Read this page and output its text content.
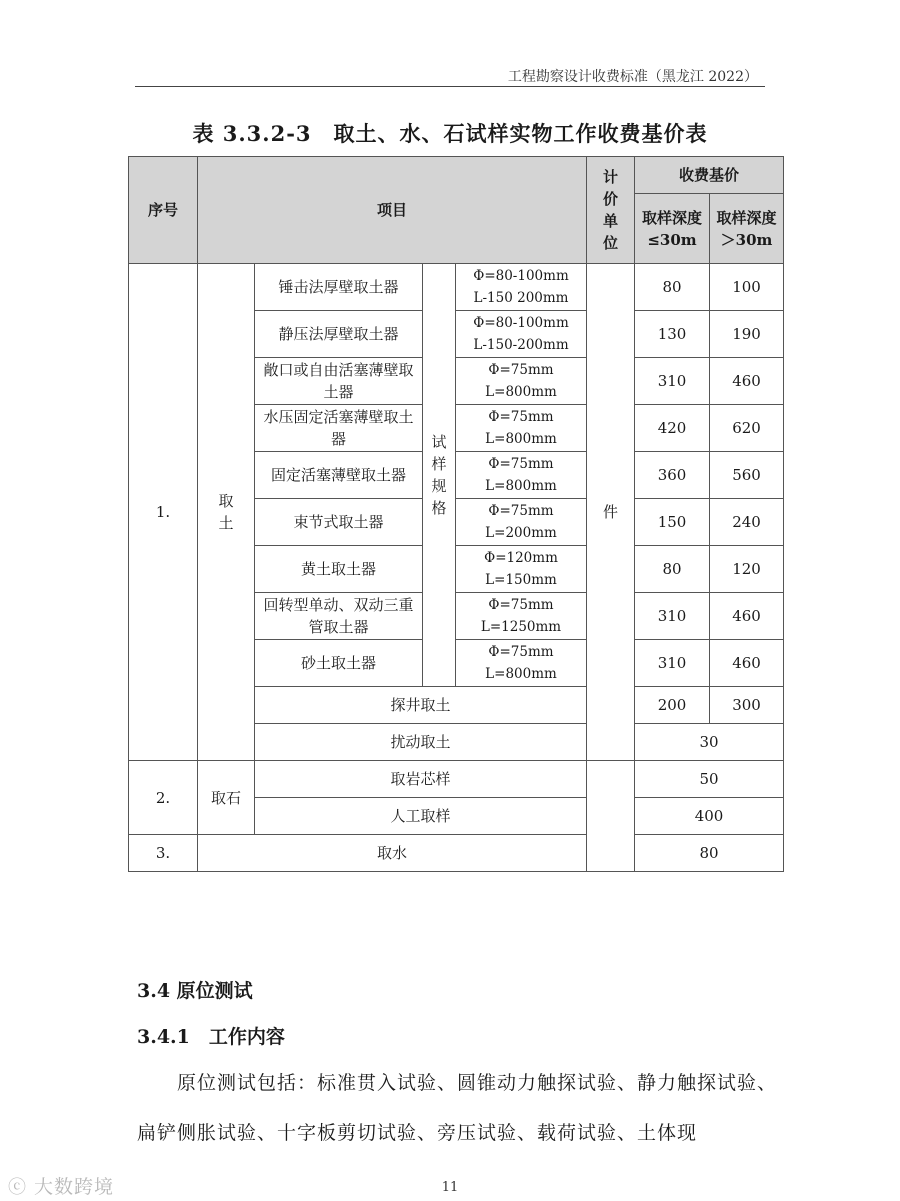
工程勘察设计收费标准（黑龙江 2022）
表 3.3.2-3　取土、水、石试样实物工作收费基价表
序号	项目				计价单位	收费基价	
						取样深度≤30m	取样深度＞30m
1.	取土	锤击法厚壁取土器	试样规格	Φ=80-100mm
L-150 200mm	件	80	100
		静压法厚壁取土器		Φ=80-100mm
L-150-200mm		130	190
		敞口或自由活塞薄壁取土器		Φ=75mm
L=800mm		310	460
		水压固定活塞薄壁取土器		Φ=75mm
L=800mm		420	620
		固定活塞薄壁取土器		Φ=75mm
L=800mm		360	560
		束节式取土器		Φ=75mm
L=200mm		150	240
		黄土取土器		Φ=120mm
L=150mm		80	120
		回转型单动、双动三重管取土器		Φ=75mm
L=1250mm		310	460
		砂土取土器		Φ=75mm
L=800mm		310	460
		探井取土				200	300
		扰动取土				30	
2.	取石	取岩芯样				50	
		人工取样				400	
3.	取水					80	
3.4 原位测试
3.4.1　工作内容
原位测试包括：标准贯入试验、圆锥动力触探试验、静力触探试验、扁铲侧胀试验、十字板剪切试验、旁压试验、载荷试验、土体现
11
ⓒ 大数跨境
